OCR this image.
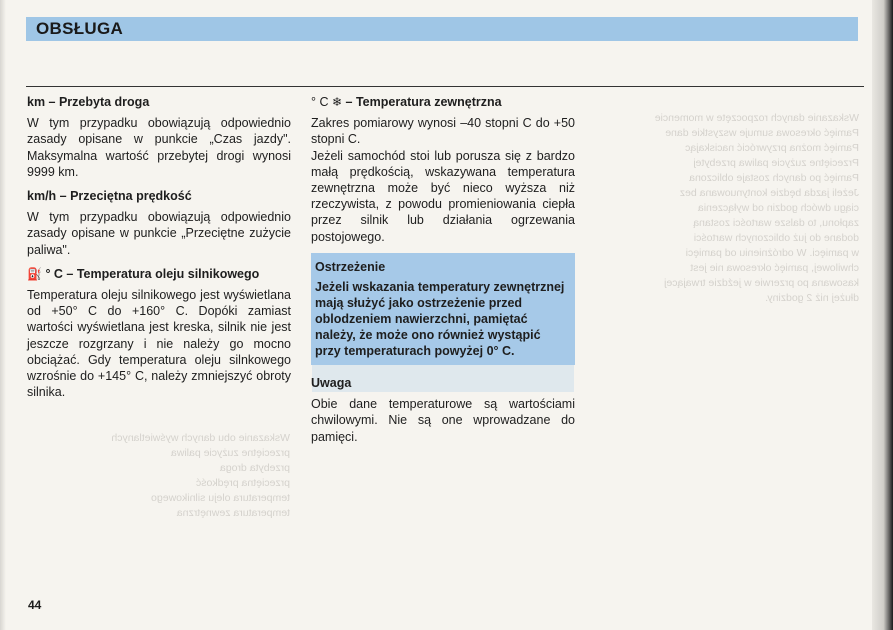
Wskazanie danych rozpoczęte w momencie
Pamięć okresowa sumuje wszystkie dane
Pamięć można przywrócić naciskając
Przeciętne zużycie paliwa przebytej
Pamięć po danych zostaje obliczona
Jeżeli jazda będzie kontynuowana bez
ciągu dwóch godzin od wyłączenia
zapłonu, to dalsze wartości zostaną
dodane do już obliczonych wartości
w pamięci. W odróżnieniu od pamięci
chwilowej, pamięć okresowa nie jest
kasowana po przerwie w jeździe trwającej
dłużej niż 2 godziny.

Wskazanie obu danych wyświetlanych
przeciętne zużycie paliwa
przebyta droga
przeciętna prędkość
temperatura oleju silnikowego
temperatura zewnętrzna

OBSŁUGA
km – Przebyta droga
W tym przypadku obowiązują odpowiednio zasady opisane w punkcie „Czas jazdy". Maksymalna wartość przebytej drogi wynosi 9999 km.
km/h – Przeciętna prędkość
W tym przypadku obowiązują odpowiednio zasady opisane w punkcie „Przeciętne zużycie paliwa".
⛽ ° C – Temperatura oleju silnikowego
Temperatura oleju silnikowego jest wyświetlana od +50° C do +160° C. Dopóki zamiast wartości wyświetlana jest kreska, silnik nie jest jeszcze rozgrzany i nie należy go mocno obciążać. Gdy temperatura oleju silnkowego wzrośnie do +145° C, należy zmniejszyć obroty silnika.
° C ❄ – Temperatura zewnętrzna
Zakres pomiarowy wynosi –40 stopni C do +50 stopni C.
Jeżeli samochód stoi lub porusza się z bardzo małą prędkością, wskazywana temperatura zewnętrzna może być nieco wyższa niż rzeczywista, z powodu promieniowania ciepła przez silnik lub działania ogrzewania postojowego.
Ostrzeżenie
Jeżeli wskazania temperatury zewnętrznej mają służyć jako ostrzeżenie przed oblodzeniem nawierzchni, pamiętać należy, że może ono również wystąpić przy temperaturach powyżej 0° C.
Uwaga
Obie dane temperaturowe są wartościami chwilowymi. Nie są one wprowadzane do pamięci.
44
